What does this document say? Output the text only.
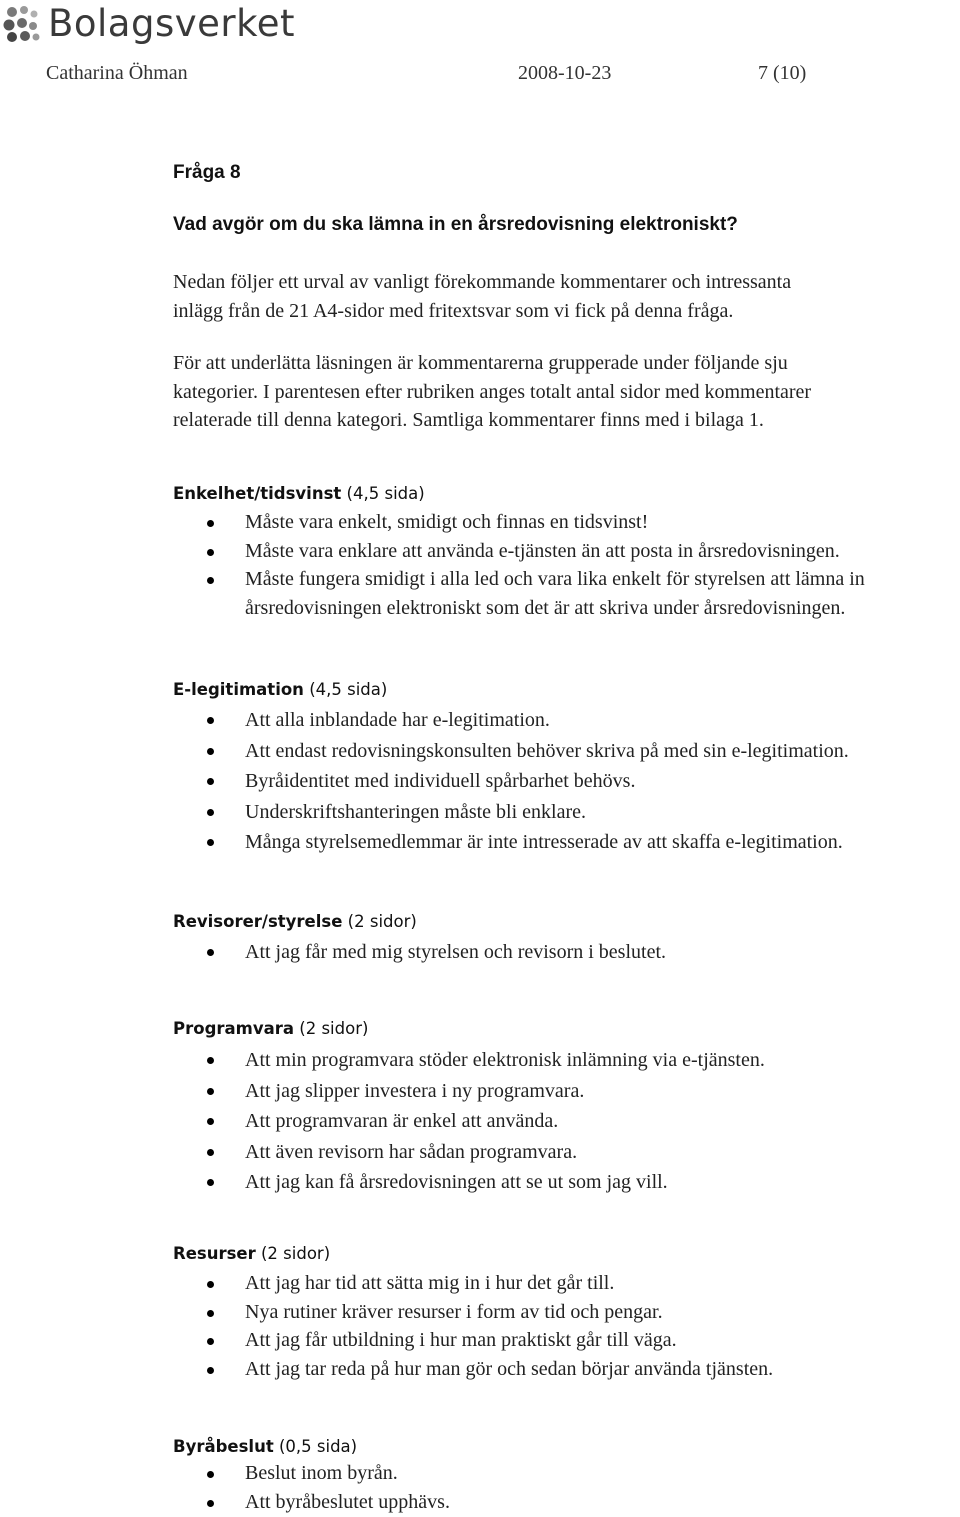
Bolagsverket
Catharina Öhman	2008-10-23	7 (10)
Fråga 8
Vad avgör om du ska lämna in en årsredovisning elektroniskt?
Nedan följer ett urval av vanligt förekommande kommentarer och intressanta
inlägg från de 21 A4-sidor med fritextsvar som vi fick på denna fråga.
För att underlätta läsningen är kommentarerna grupperade under följande sju
kategorier. I parentesen efter rubriken anges totalt antal sidor med kommentarer
relaterade till denna kategori. Samtliga kommentarer finns med i bilaga 1.
Enkelhet/tidsvinst (4,5 sida)
Måste vara enkelt, smidigt och finnas en tidsvinst!
Måste vara enklare att använda e-tjänsten än att posta in årsredovisningen.
Måste fungera smidigt i alla led och vara lika enkelt för styrelsen att lämna in årsredovisningen elektroniskt som det är att skriva under årsredovisningen.
E-legitimation (4,5 sida)
Att alla inblandade har e-legitimation.
Att endast redovisningskonsulten behöver skriva på med sin e-legitimation.
Byråidentitet med individuell spårbarhet behövs.
Underskriftshanteringen måste bli enklare.
Många styrelsemedlemmar är inte intresserade av att skaffa e-legitimation.
Revisorer/styrelse (2 sidor)
Att jag får med mig styrelsen och revisorn i beslutet.
Programvara (2 sidor)
Att min programvara stöder elektronisk inlämning via e-tjänsten.
Att jag slipper investera i ny programvara.
Att programvaran är enkel att använda.
Att även revisorn har sådan programvara.
Att jag kan få årsredovisningen att se ut som jag vill.
Resurser (2 sidor)
Att jag har tid att sätta mig in i hur det går till.
Nya rutiner kräver resurser i form av tid och pengar.
Att jag får utbildning i hur man praktiskt går till väga.
Att jag tar reda på hur man gör och sedan börjar använda tjänsten.
Byråbeslut (0,5 sida)
Beslut inom byrån.
Att byråbeslutet upphävs.
